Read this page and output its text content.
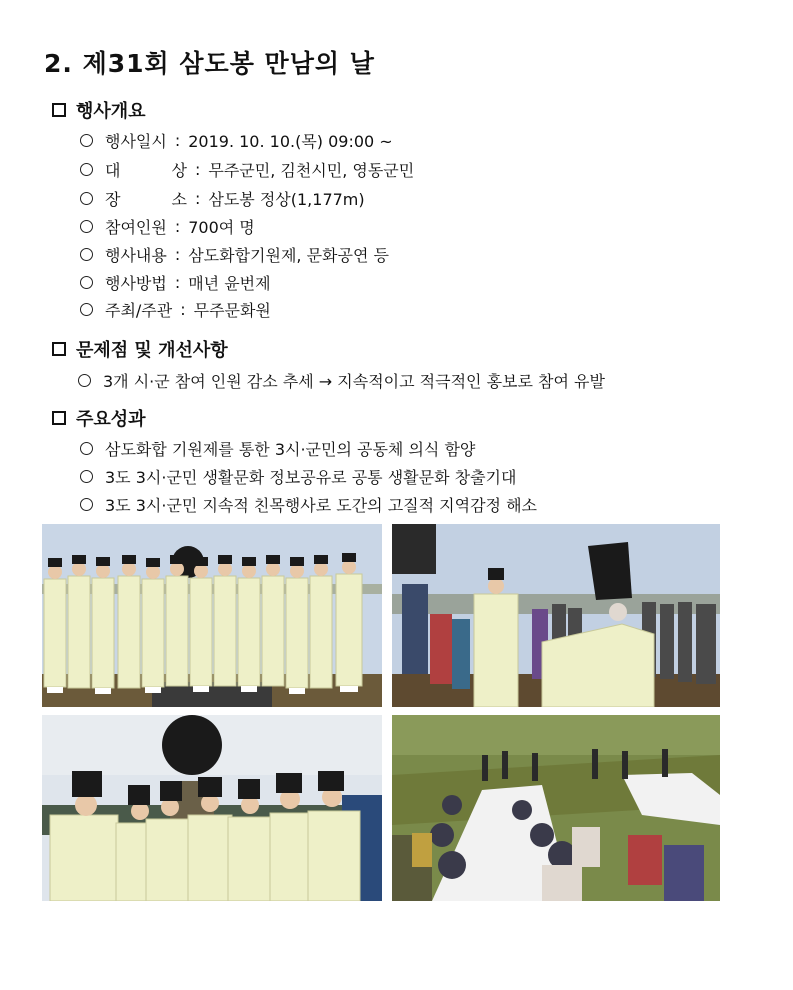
2. 제31회 삼도봉 만남의 날
행사개요
행사일시 : 2019. 10. 10.(목) 09:00 ~
대	상 : 무주군민, 김천시민, 영동군민
장	소 : 삼도봉 정상(1,177m)
참여인원 : 700여 명
행사내용 : 삼도화합기원제, 문화공연 등
행사방법 : 매년 윤번제
주최/주관 : 무주문화원
문제점 및 개선사항
3개 시·군 참여 인원 감소 추세 → 지속적이고 적극적인 홍보로 참여 유발
주요성과
삼도화합 기원제를 통한 3시·군민의 공동체 의식 함양
3도 3시·군민 생활문화 정보공유로 공통 생활문화 창출기대
3도 3시·군민 지속적 친목행사로 도간의 고질적 지역감정 해소
